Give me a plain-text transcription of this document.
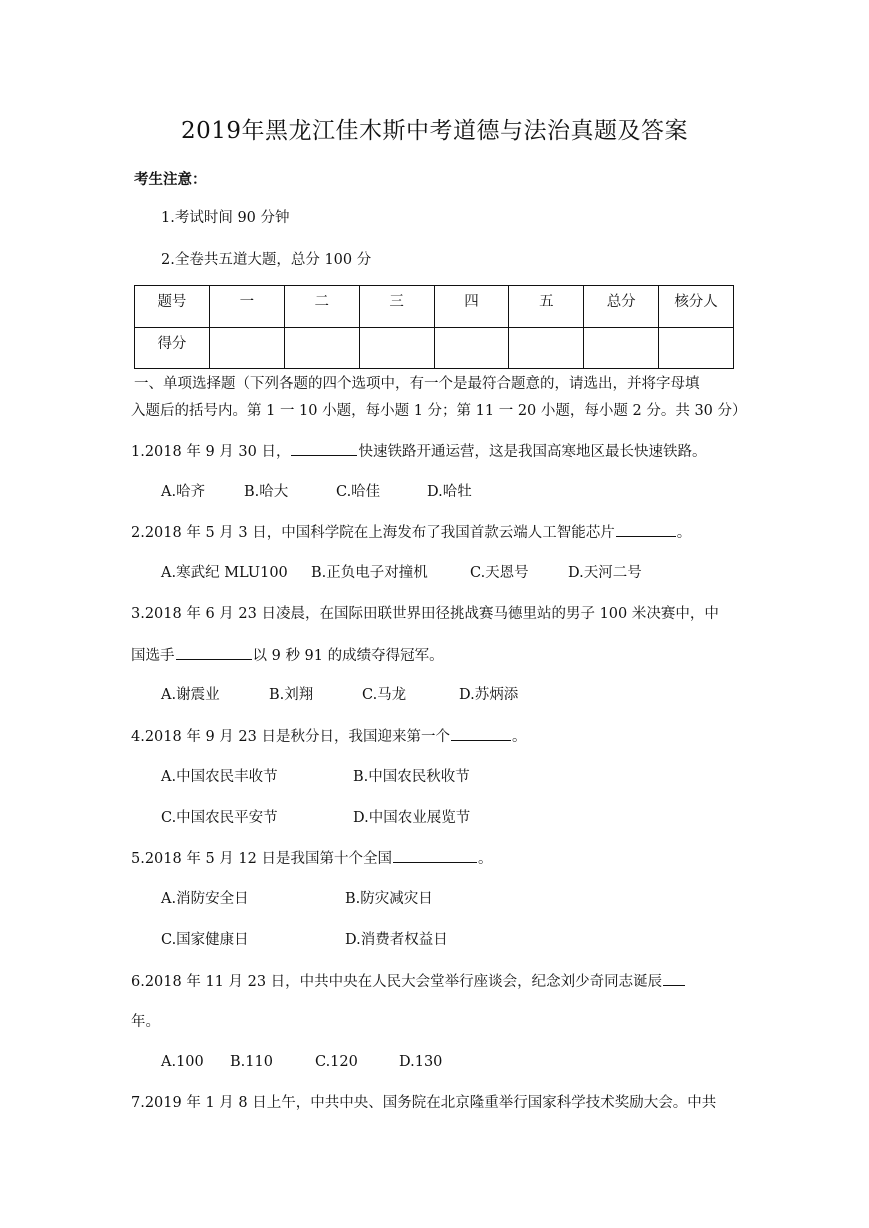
2019年黑龙江佳木斯中考道德与法治真题及答案
考生注意：
1.考试时间 90 分钟
2.全卷共五道大题，总分 100 分
题号	一	二	三	四	五	总分	核分人
得分							
一、单项选择题（下列各题的四个选项中，有一个是最符合题意的，请选出，并将字母填
入题后的括号内。第 1 一 10 小题，每小题 1 分；第 11 一 20 小题，每小题 2 分。共 30 分）
1.2018 年 9 月 30 日，	快速铁路开通运营，这是我国高寒地区最长快速铁路。
A.哈齐	B.哈大	C.哈佳	D.哈牡
2.2018 年 5 月 3 日，中国科学院在上海发布了我国首款云端人工智能芯片	。
A.寒武纪 MLU100 B.正负电子对撞机	C.天恩号	D.天河二号
3.2018 年 6 月 23 日凌晨，在国际田联世界田径挑战赛马德里站的男子 100 米决赛中，中
国选手	以 9 秒 91 的成绩夺得冠军。
A.谢震业	B.刘翔	C.马龙	D.苏炳添
4.2018 年 9 月 23 日是秋分日，我国迎来第一个	。
A.中国农民丰收节	B.中国农民秋收节
C.中国农民平安节	D.中国农业展览节
5.2018 年 5 月 12 日是我国第十个全国	。
A.消防安全日	B.防灾减灾日
C.国家健康日	D.消费者权益日
6.2018 年 11 月 23 日，中共中央在人民大会堂举行座谈会，纪念刘少奇同志诞辰
年。
A.100 B.110	C.120	D.130
7.2019 年 1 月 8 日上午，中共中央、国务院在北京隆重举行国家科学技术奖励大会。中共
